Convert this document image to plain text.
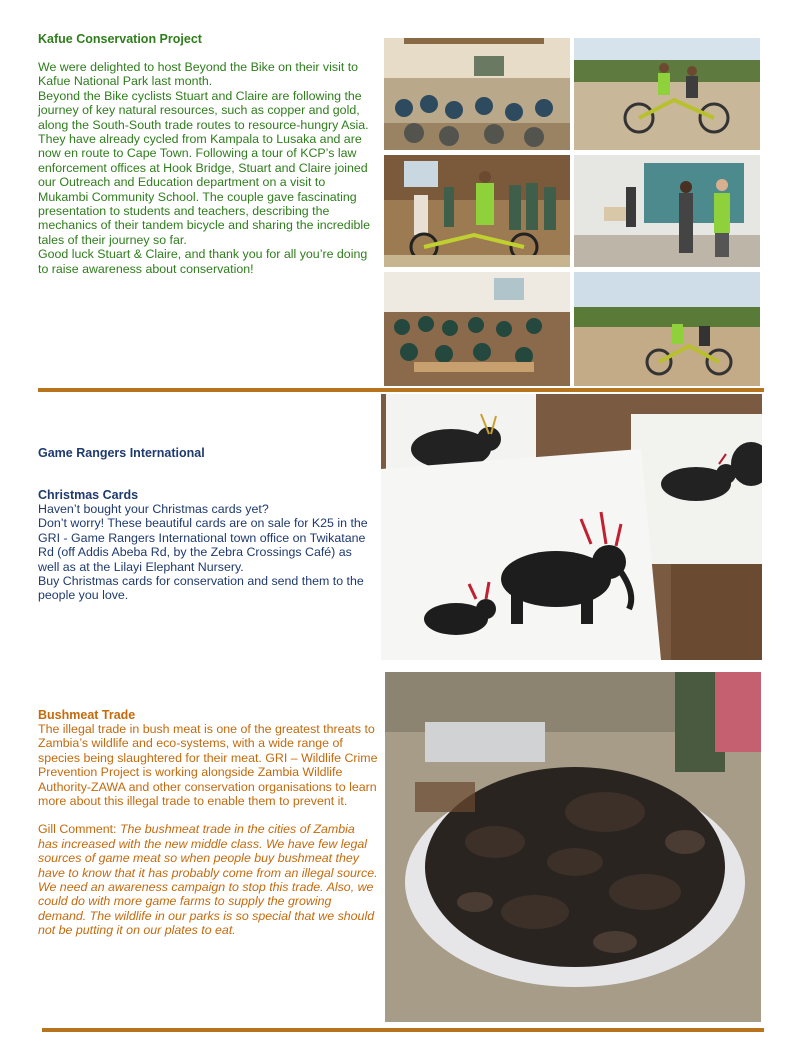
Kafue Conservation Project

We were delighted to host Beyond the Bike on their visit to Kafue National Park last month.

Beyond the Bike cyclists Stuart and Claire are following the journey of key natural resources, such as copper and gold, along the South-South trade routes to resource-hungry Asia. They have already cycled from Kampala to Lusaka and are now en route to Cape Town. Following a tour of KCP’s law enforcement offices at Hook Bridge, Stuart and Claire joined our Outreach and Education department on a visit to Mukambi Community School. The couple gave fascinating presentation to students and teachers, describing the mechanics of their tandem bicycle and sharing the incredible tales of their journey so far.

Good luck Stuart & Claire, and thank you for all you’re doing to raise awareness about conservation!

Game Rangers International
Christmas Cards

Haven’t bought your Christmas cards yet?

Don’t worry! These beautiful cards are on sale for K25 in the GRI - Game Rangers International town office on Twikatane Rd (off Addis Abeba Rd, by the Zebra Crossings Café) as well as at the Lilayi Elephant Nursery.

Buy Christmas cards for conservation and send them to the people you love.

Bushmeat Trade

The illegal trade in bush meat is one of the greatest threats to Zambia’s wildlife and eco-systems, with a wide range of species being slaughtered for their meat. GRI – Wildlife Crime Prevention Project is working alongside Zambia Wildlife Authority-ZAWA and other conservation organisations to learn more about this illegal trade to enable them to prevent it.

Gill Comment: The bushmeat trade in the cities of Zambia has increased with the new middle class. We have few legal sources of game meat so when people buy bushmeat they have to know that it has probably come from an illegal source. We need an awareness campaign to stop this trade. Also, we could do with more game farms to supply the growing demand. The wildlife in our parks is so special that we should not be putting it on our plates to eat.
